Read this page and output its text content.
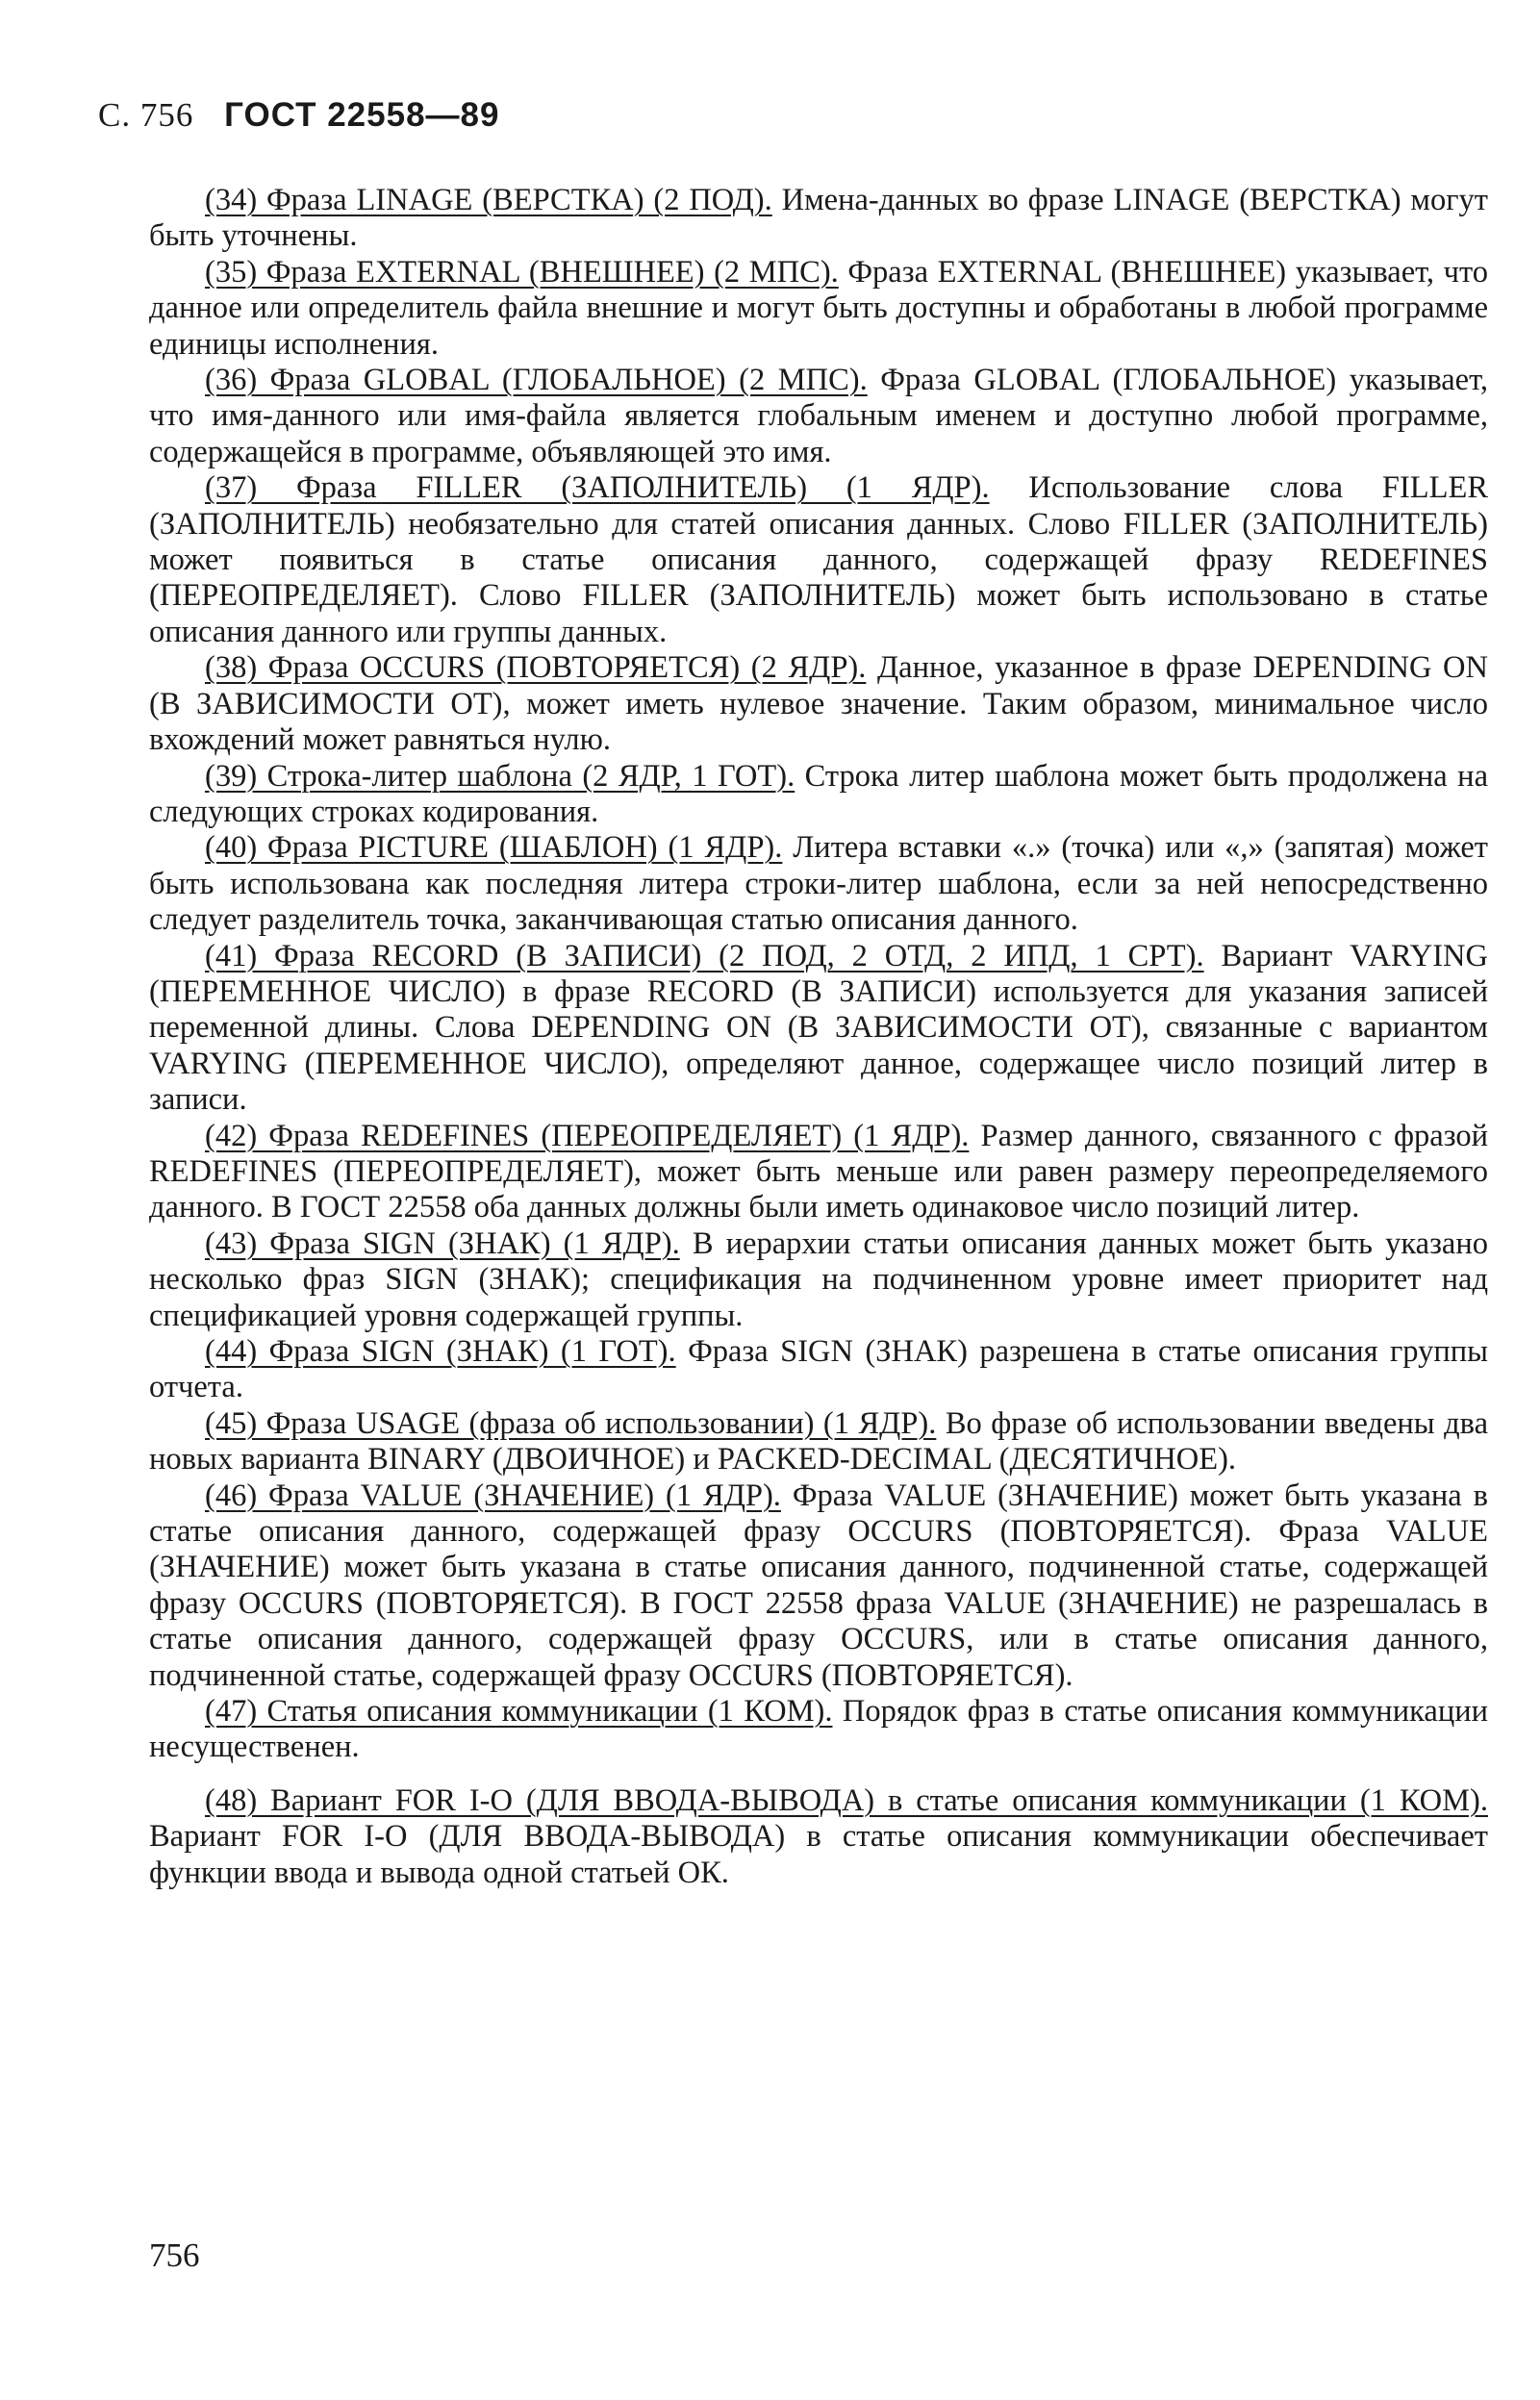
С. 756 ГОСТ 22558—89

(34) Фраза LINAGE (ВЕРСТКА) (2 ПОД). Имена-данных во фразе LINAGE (ВЕРСТКА) могут быть уточнены.

(35) Фраза EXTERNAL (ВНЕШНЕЕ) (2 МПС). Фраза EXTERNAL (ВНЕШНЕЕ) указывает, что данное или определитель файла внешние и могут быть доступны и обработаны в любой программе единицы исполнения.

(36) Фраза GLOBAL (ГЛОБАЛЬНОЕ) (2 МПС). Фраза GLOBAL (ГЛОБАЛЬНОЕ) указывает, что имя-данного или имя-файла является глобальным именем и доступно любой программе, содержащейся в программе, объявляющей это имя.

(37) Фраза FILLER (ЗАПОЛНИТЕЛЬ) (1 ЯДР). Использование слова FILLER (ЗАПОЛНИТЕЛЬ) необязательно для статей описания данных. Слово FILLER (ЗАПОЛНИТЕЛЬ) может появиться в статье описания данного, содержащей фразу REDEFINES (ПЕРЕОПРЕДЕЛЯЕТ). Слово FILLER (ЗАПОЛНИТЕЛЬ) может быть использовано в статье описания данного или группы данных.

(38) Фраза OCCURS (ПОВТОРЯЕТСЯ) (2 ЯДР). Данное, указанное в фразе DEPENDING ON (В ЗАВИСИМОСТИ ОТ), может иметь нулевое значение. Таким образом, минимальное число вхождений может равняться нулю.

(39) Строка-литер шаблона (2 ЯДР, 1 ГОТ). Строка литер шаблона может быть продолжена на следующих строках кодирования.

(40) Фраза PICTURE (ШАБЛОН) (1 ЯДР). Литера вставки «.» (точка) или «,» (запятая) может быть использована как последняя литера строки-литер шаблона, если за ней непосредственно следует разделитель точка, заканчивающая статью описания данного.

(41) Фраза RECORD (В ЗАПИСИ) (2 ПОД, 2 ОТД, 2 ИПД, 1 СРТ). Вариант VARYING (ПЕРЕМЕННОЕ ЧИСЛО) в фразе RECORD (В ЗАПИСИ) используется для указания записей переменной длины. Слова DEPENDING ON (В ЗАВИСИМОСТИ ОТ), связанные с вариантом VARYING (ПЕРЕМЕННОЕ ЧИСЛО), определяют данное, содержащее число позиций литер в записи.

(42) Фраза REDEFINES (ПЕРЕОПРЕДЕЛЯЕТ) (1 ЯДР). Размер данного, связанного с фразой REDEFINES (ПЕРЕОПРЕДЕЛЯЕТ), может быть меньше или равен размеру переопределяемого данного. В ГОСТ 22558 оба данных должны были иметь одинаковое число позиций литер.

(43) Фраза SIGN (ЗНАК) (1 ЯДР). В иерархии статьи описания данных может быть указано несколько фраз SIGN (ЗНАК); спецификация на подчиненном уровне имеет приоритет над спецификацией уровня содержащей группы.

(44) Фраза SIGN (ЗНАК) (1 ГОТ). Фраза SIGN (ЗНАК) разрешена в статье описания группы отчета.

(45) Фраза USAGE (фраза об использовании) (1 ЯДР). Во фразе об использовании введены два новых варианта BINARY (ДВОИЧНОЕ) и PACKED-DECIMAL (ДЕСЯТИЧНОЕ).

(46) Фраза VALUE (ЗНАЧЕНИЕ) (1 ЯДР). Фраза VALUE (ЗНАЧЕНИЕ) может быть указана в статье описания данного, содержащей фразу OCCURS (ПОВТОРЯЕТСЯ). Фраза VALUE (ЗНАЧЕНИЕ) может быть указана в статье описания данного, подчиненной статье, содержащей фразу OCCURS (ПОВТОРЯЕТСЯ). В ГОСТ 22558 фраза VALUE (ЗНАЧЕНИЕ) не разрешалась в статье описания данного, содержащей фразу OCCURS, или в статье описания данного, подчиненной статье, содержащей фразу OCCURS (ПОВТОРЯЕТСЯ).

(47) Статья описания коммуникации (1 КОМ). Порядок фраз в статье описания коммуникации несущественен.

(48) Вариант FOR I-O (ДЛЯ ВВОДА-ВЫВОДА) в статье описания коммуникации (1 КОМ). Вариант FOR I-O (ДЛЯ ВВОДА-ВЫВОДА) в статье описания коммуникации обеспечивает функции ввода и вывода одной статьей ОК.

756
